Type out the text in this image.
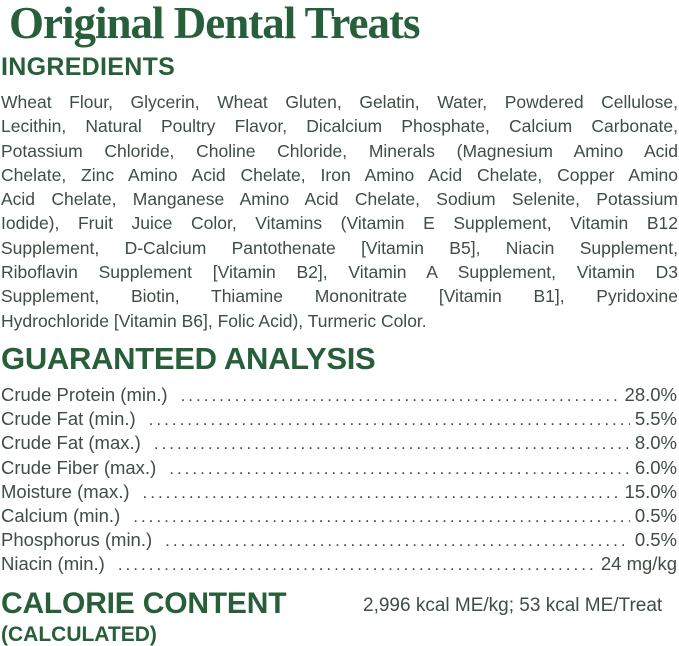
Original Dental Treats
INGREDIENTS
Wheat Flour, Glycerin, Wheat Gluten, Gelatin, Water, Powdered Cellulose,
Lecithin, Natural Poultry Flavor, Dicalcium Phosphate, Calcium Carbonate,
Potassium Chloride, Choline Chloride, Minerals (Magnesium Amino Acid
Chelate, Zinc Amino Acid Chelate, Iron Amino Acid Chelate, Copper Amino
Acid Chelate, Manganese Amino Acid Chelate, Sodium Selenite, Potassium
Iodide), Fruit Juice Color, Vitamins (Vitamin E Supplement, Vitamin B12
Supplement, D-Calcium Pantothenate [Vitamin B5], Niacin Supplement,
Riboflavin Supplement [Vitamin B2], Vitamin A Supplement, Vitamin D3
Supplement, Biotin, Thiamine Mononitrate [Vitamin B1], Pyridoxine
Hydrochloride [Vitamin B6], Folic Acid), Turmeric Color.
GUARANTEED ANALYSIS
Crude Protein (min.) .....	28.0%
Crude Fat (min.) .....	5.5%
Crude Fat (max.) .....	8.0%
Crude Fiber (max.) .....	6.0%
Moisture (max.) .....	15.0%
Calcium (min.) .....	0.5%
Phosphorus (min.) .....	0.5%
Niacin (min.) .....	24 mg/kg
CALORIE CONTENT
(CALCULATED)
2,996 kcal ME/kg; 53 kcal ME/Treat
